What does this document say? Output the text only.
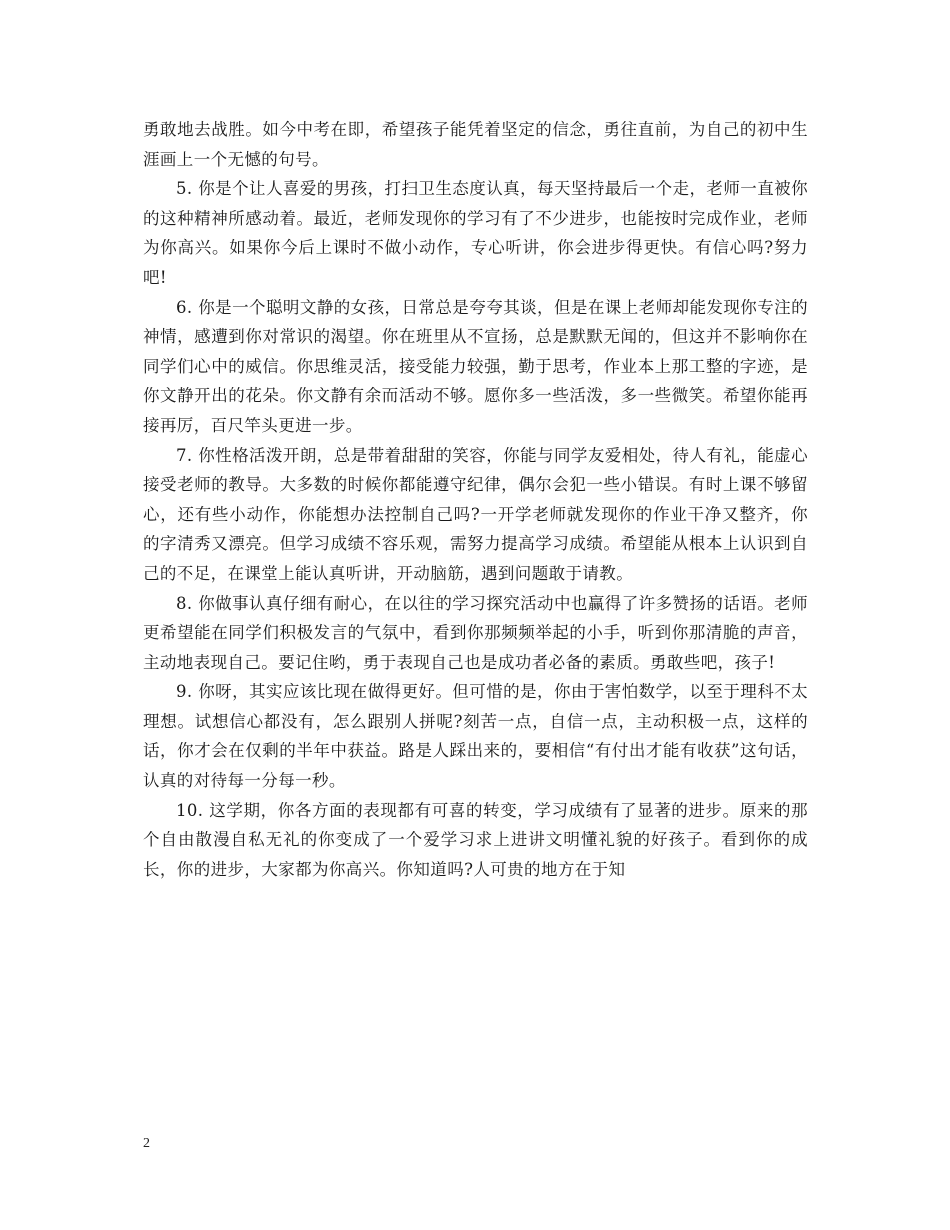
勇敢地去战胜。如今中考在即，希望孩子能凭着坚定的信念，勇往直前，为自己的初中生涯画上一个无憾的句号。

5. 你是个让人喜爱的男孩，打扫卫生态度认真，每天坚持最后一个走，老师一直被你的这种精神所感动着。最近，老师发现你的学习有了不少进步，也能按时完成作业，老师为你高兴。如果你今后上课时不做小动作，专心听讲，你会进步得更快。有信心吗?努力吧!

6. 你是一个聪明文静的女孩，日常总是夸夸其谈，但是在课上老师却能发现你专注的神情，感遭到你对常识的渴望。你在班里从不宣扬，总是默默无闻的，但这并不影响你在同学们心中的威信。你思维灵活，接受能力较强，勤于思考，作业本上那工整的字迹，是你文静开出的花朵。你文静有余而活动不够。愿你多一些活泼，多一些微笑。希望你能再接再厉，百尺竿头更进一步。

7. 你性格活泼开朗，总是带着甜甜的笑容，你能与同学友爱相处，待人有礼，能虚心接受老师的教导。大多数的时候你都能遵守纪律，偶尔会犯一些小错误。有时上课不够留心，还有些小动作，你能想办法控制自己吗?一开学老师就发现你的作业干净又整齐，你的字清秀又漂亮。但学习成绩不容乐观，需努力提高学习成绩。希望能从根本上认识到自己的不足，在课堂上能认真听讲，开动脑筋，遇到问题敢于请教。

8. 你做事认真仔细有耐心，在以往的学习探究活动中也赢得了许多赞扬的话语。老师更希望能在同学们积极发言的气氛中，看到你那频频举起的小手，听到你那清脆的声音，主动地表现自己。要记住哟，勇于表现自己也是成功者必备的素质。勇敢些吧，孩子!

9. 你呀，其实应该比现在做得更好。但可惜的是，你由于害怕数学，以至于理科不太理想。试想信心都没有，怎么跟别人拼呢?刻苦一点，自信一点，主动积极一点，这样的话，你才会在仅剩的半年中获益。路是人踩出来的，要相信“有付出才能有收获”这句话，认真的对待每一分每一秒。

10. 这学期，你各方面的表现都有可喜的转变，学习成绩有了显著的进步。原来的那个自由散漫自私无礼的你变成了一个爱学习求上进讲文明懂礼貌的好孩子。看到你的成长，你的进步，大家都为你高兴。你知道吗?人可贵的地方在于知

2
